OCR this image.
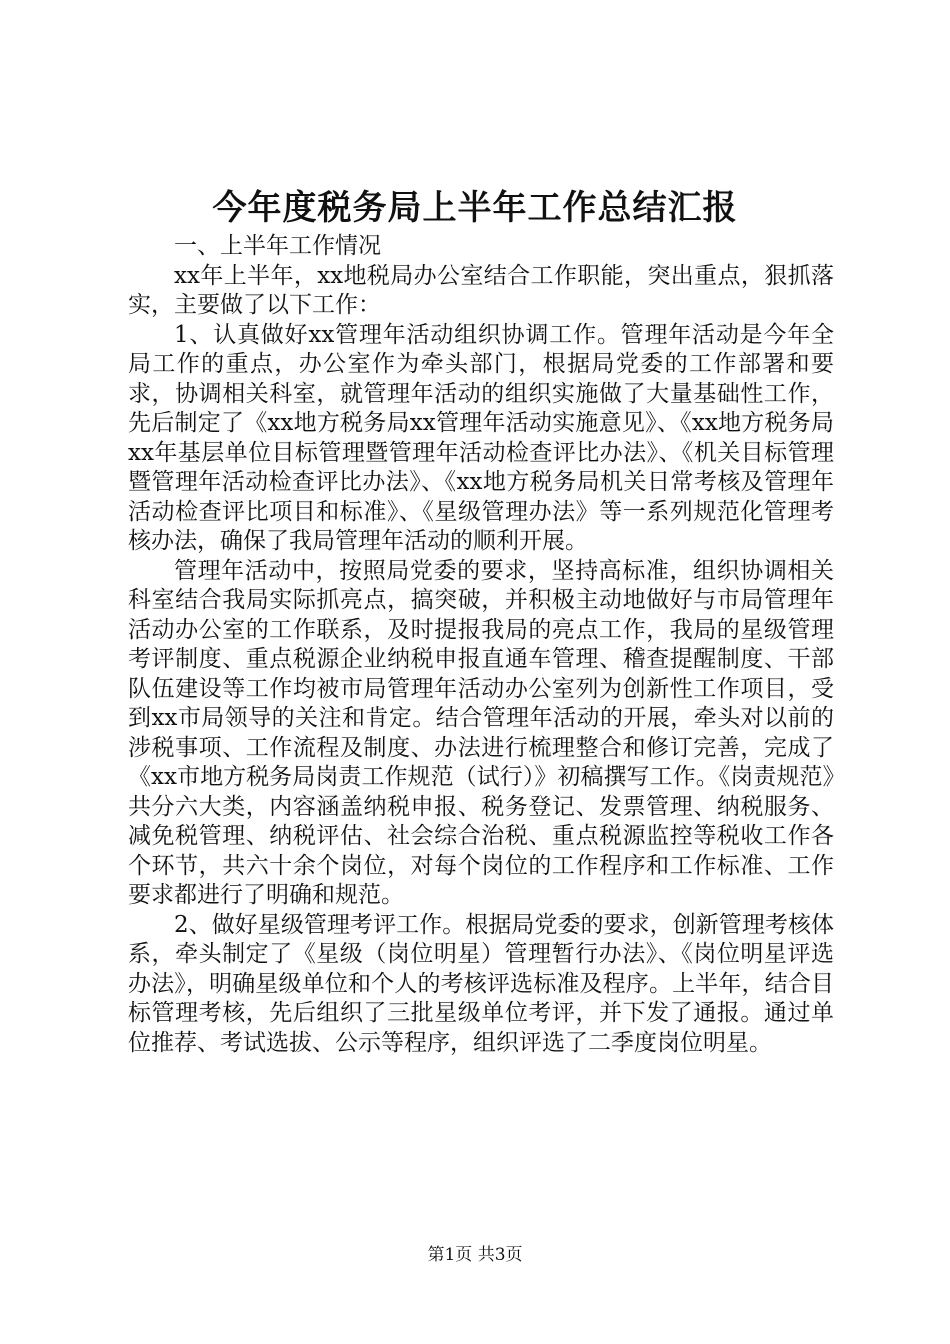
今年度税务局上半年工作总结汇报

一、上半年工作情况

xx年上半年，xx地税局办公室结合工作职能，突出重点，狠抓落实，主要做了以下工作：

1、认真做好xx管理年活动组织协调工作。管理年活动是今年全局工作的重点，办公室作为牵头部门，根据局党委的工作部署和要求，协调相关科室，就管理年活动的组织实施做了大量基础性工作，先后制定了《xx地方税务局xx管理年活动实施意见》、《xx地方税务局xx年基层单位目标管理暨管理年活动检查评比办法》、《机关目标管理暨管理年活动检查评比办法》、《xx地方税务局机关日常考核及管理年活动检查评比项目和标准》、《星级管理办法》等一系列规范化管理考核办法，确保了我局管理年活动的顺利开展。

管理年活动中，按照局党委的要求，坚持高标准，组织协调相关科室结合我局实际抓亮点，搞突破，并积极主动地做好与市局管理年活动办公室的工作联系，及时提报我局的亮点工作，我局的星级管理考评制度、重点税源企业纳税申报直通车管理、稽查提醒制度、干部队伍建设等工作均被市局管理年活动办公室列为创新性工作项目，受到xx市局领导的关注和肯定。结合管理年活动的开展，牵头对以前的涉税事项、工作流程及制度、办法进行梳理整合和修订完善，完成了《xx市地方税务局岗责工作规范（试行）》初稿撰写工作。《岗责规范》共分六大类，内容涵盖纳税申报、税务登记、发票管理、纳税服务、减免税管理、纳税评估、社会综合治税、重点税源监控等税收工作各个环节，共六十余个岗位，对每个岗位的工作程序和工作标准、工作要求都进行了明确和规范。

2、做好星级管理考评工作。根据局党委的要求，创新管理考核体系，牵头制定了《星级（岗位明星）管理暂行办法》、《岗位明星评选办法》，明确星级单位和个人的考核评选标准及程序。上半年，结合目标管理考核，先后组织了三批星级单位考评，并下发了通报。通过单位推荐、考试选拔、公示等程序，组织评选了二季度岗位明星。

第1页 共3页
